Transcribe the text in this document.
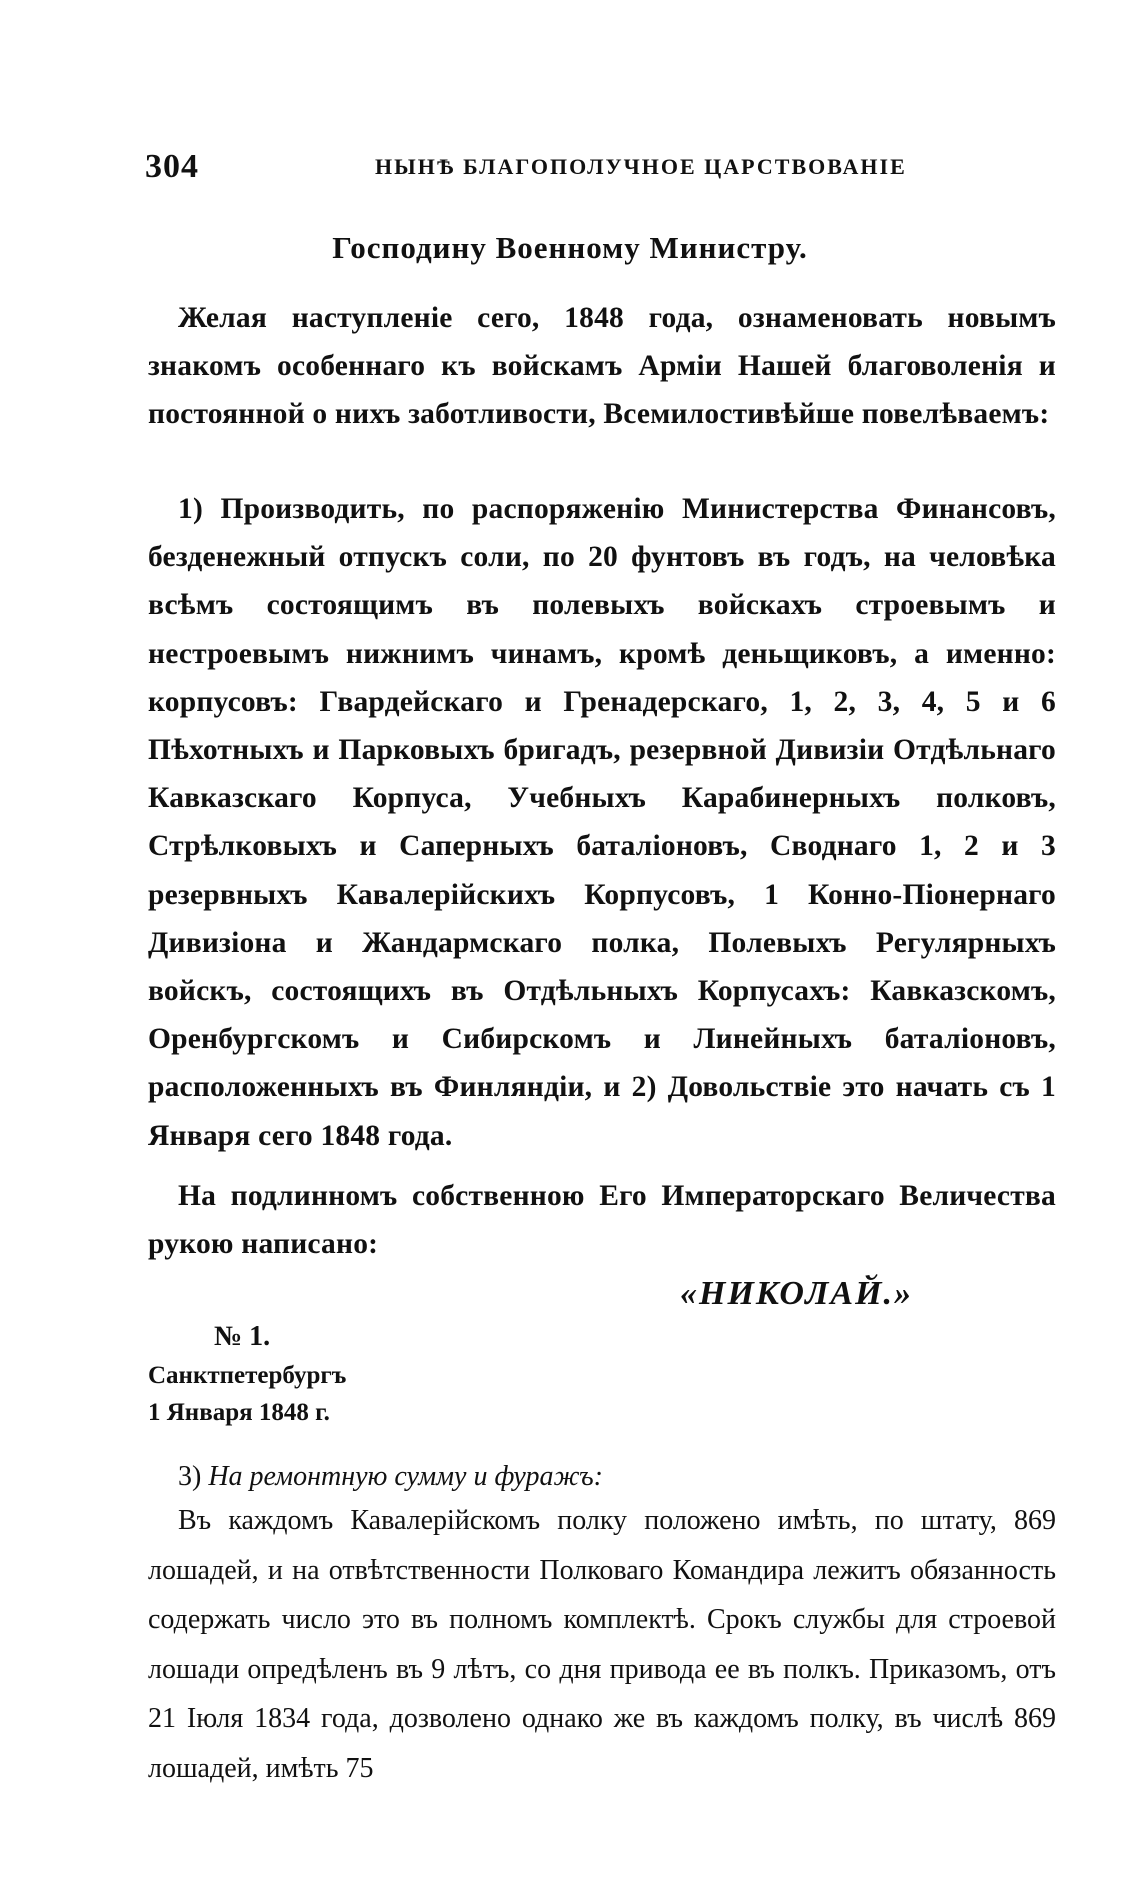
304	НЫНѢ БЛАГОПОЛУЧНОЕ ЦАРСТВОВАНІЕ
Господину Военному Министру.
Желая наступленіе сего, 1848 года, ознаменовать новымъ знакомъ особеннаго къ войскамъ Арміи Нашей благоволенія и постоянной о нихъ заботливости, Всемилостивѣйше повелѣваемъ:
1) Производить, по распоряженію Министерства Финансовъ, безденежный отпускъ соли, по 20 фунтовъ въ годъ, на человѣка всѣмъ состоящимъ въ полевыхъ войскахъ строевымъ и нестроевымъ нижнимъ чинамъ, кромѣ деньщиковъ, а именно: корпусовъ: Гвардейскаго и Гренадерскаго, 1, 2, 3, 4, 5 и 6 Пѣхотныхъ и Парковыхъ бригадъ, резервной Дивизіи Отдѣльнаго Кавказскаго Корпуса, Учебныхъ Карабинерныхъ полковъ, Стрѣлковыхъ и Саперныхъ баталіоновъ, Своднаго 1, 2 и 3 резервныхъ Кавалерійскихъ Корпусовъ, 1 Конно-Піонернаго Дивизіона и Жандармскаго полка, Полевыхъ Регулярныхъ войскъ, состоящихъ въ Отдѣльныхъ Корпусахъ: Кавказскомъ, Оренбургскомъ и Сибирскомъ и Линейныхъ баталіоновъ, расположенныхъ въ Финляндіи, и 2) Довольствіе это начать съ 1 Января сего 1848 года.
На подлинномъ собственною Его Императорскаго Величества рукою написано:
«НИКОЛАЙ.»
№ 1.
Санктпетербургъ
1 Января 1848 г.
3) На ремонтную сумму и фуражъ:
Въ каждомъ Кавалерійскомъ полку положено имѣть, по штату, 869 лошадей, и на отвѣтственности Полковаго Командира лежитъ обязанность содержать число это въ полномъ комплектѣ. Срокъ службы для строевой лошади опредѣленъ въ 9 лѣтъ, со дня привода ее въ полкъ. Приказомъ, отъ 21 Іюля 1834 года, дозволено однако же въ каждомъ полку, въ числѣ 869 лошадей, имѣть 75
